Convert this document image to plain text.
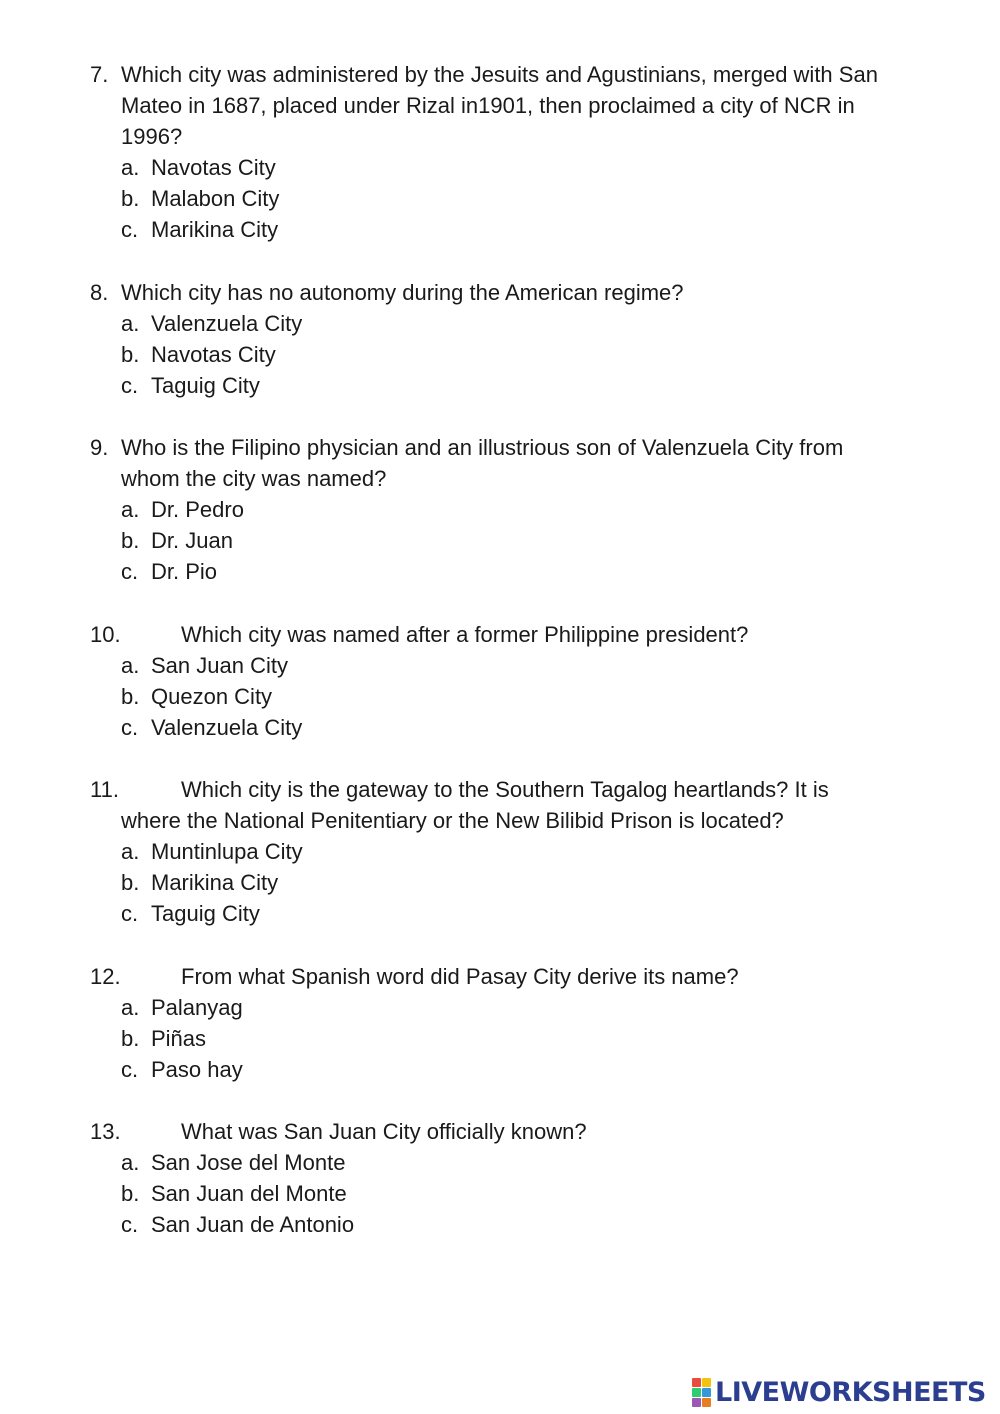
7. Which city was administered by the Jesuits and Agustinians, merged with San
Mateo in 1687, placed under Rizal in1901, then proclaimed a city of NCR in
1996?
a. Navotas City
b. Malabon City
c. Marikina City
8. Which city has no autonomy during the American regime?
a. Valenzuela City
b. Navotas City
c. Taguig City
9. Who is the Filipino physician and an illustrious son of Valenzuela City from
whom the city was named?
a. Dr. Pedro
b. Dr. Juan
c. Dr. Pio
10.	Which city was named after a former Philippine president?
a. San Juan City
b. Quezon City
c. Valenzuela City
11.	Which city is the gateway to the Southern Tagalog heartlands? It is
where the National Penitentiary or the New Bilibid Prison is located?
a. Muntinlupa City
b. Marikina City
c. Taguig City
12.	From what Spanish word did Pasay City derive its name?
a. Palanyag
b. Piñas
c. Paso hay
13.	What was San Juan City officially known?
a. San Jose del Monte
b. San Juan del Monte
c. San Juan de Antonio
LIVEWORKSHEETS
